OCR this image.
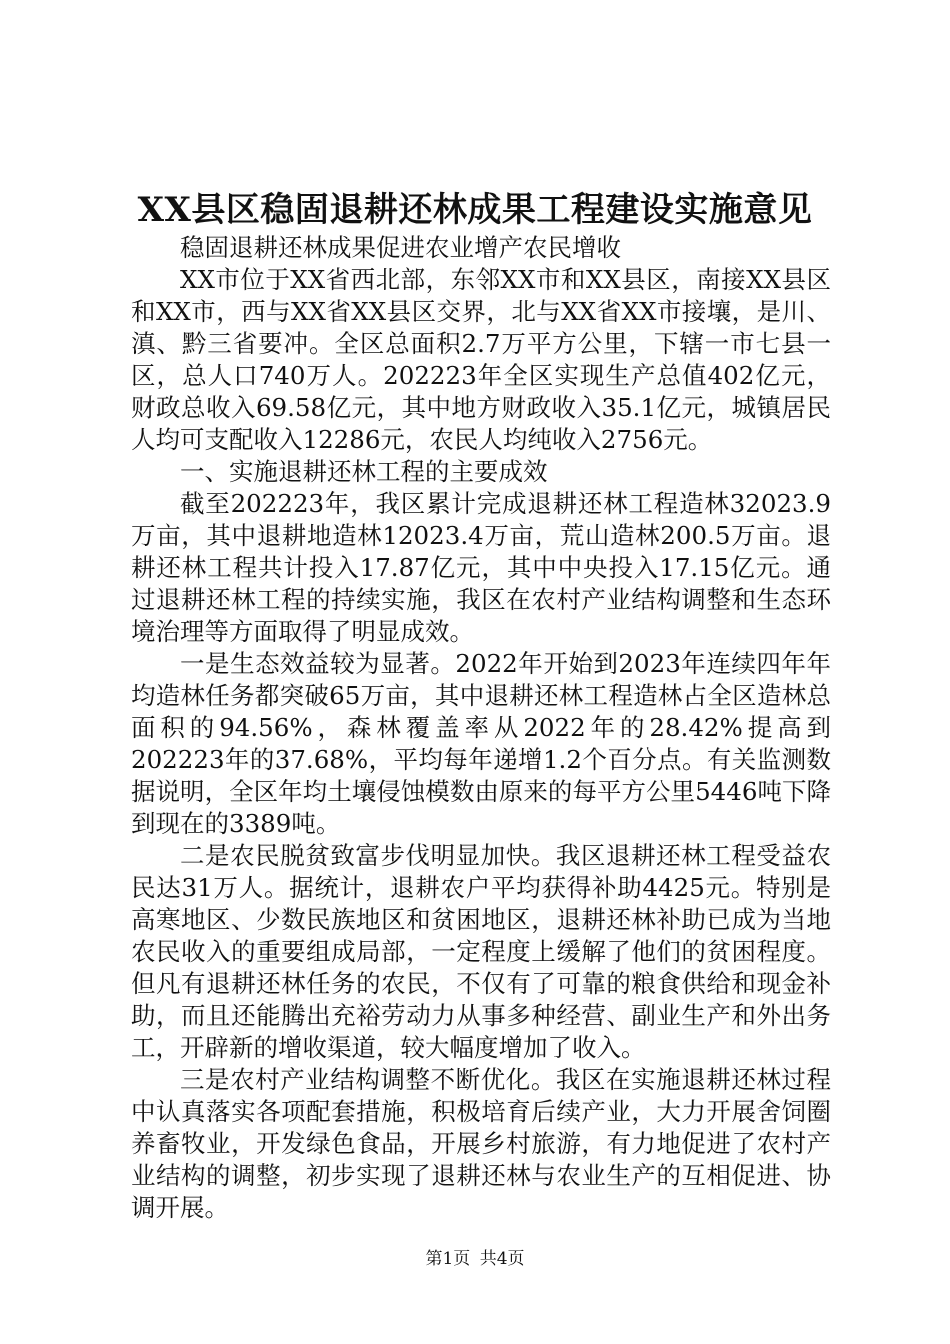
XX县区稳固退耕还林成果工程建设实施意见

稳固退耕还林成果促进农业增产农民增收

XX市位于XX省西北部，东邻XX市和XX县区，南接XX县区和XX市，西与XX省XX县区交界，北与XX省XX市接壤，是川、滇、黔三省要冲。全区总面积2.7万平方公里，下辖一市七县一区，总人口740万人。202223年全区实现生产总值402亿元，财政总收入69.58亿元，其中地方财政收入35.1亿元，城镇居民人均可支配收入12286元，农民人均纯收入2756元。

一、实施退耕还林工程的主要成效

截至202223年，我区累计完成退耕还林工程造林32023.9万亩，其中退耕地造林12023.4万亩，荒山造林200.5万亩。退耕还林工程共计投入17.87亿元，其中中央投入17.15亿元。通过退耕还林工程的持续实施，我区在农村产业结构调整和生态环境治理等方面取得了明显成效。

一是生态效益较为显著。2022年开始到2023年连续四年年均造林任务都突破65万亩，其中退耕还林工程造林占全区造林总面积的94.56%，森林覆盖率从2022年的28.42%提高到202223年的37.68%，平均每年递增1.2个百分点。有关监测数据说明，全区年均土壤侵蚀模数由原来的每平方公里5446吨下降到现在的3389吨。

二是农民脱贫致富步伐明显加快。我区退耕还林工程受益农民达31万人。据统计，退耕农户平均获得补助4425元。特别是高寒地区、少数民族地区和贫困地区，退耕还林补助已成为当地农民收入的重要组成局部，一定程度上缓解了他们的贫困程度。但凡有退耕还林任务的农民，不仅有了可靠的粮食供给和现金补助，而且还能腾出充裕劳动力从事多种经营、副业生产和外出务工，开辟新的增收渠道，较大幅度增加了收入。

三是农村产业结构调整不断优化。我区在实施退耕还林过程中认真落实各项配套措施，积极培育后续产业，大力开展舍饲圈养畜牧业，开发绿色食品，开展乡村旅游，有力地促进了农村产业结构的调整，初步实现了退耕还林与农业生产的互相促进、协调开展。

第1页 共4页
